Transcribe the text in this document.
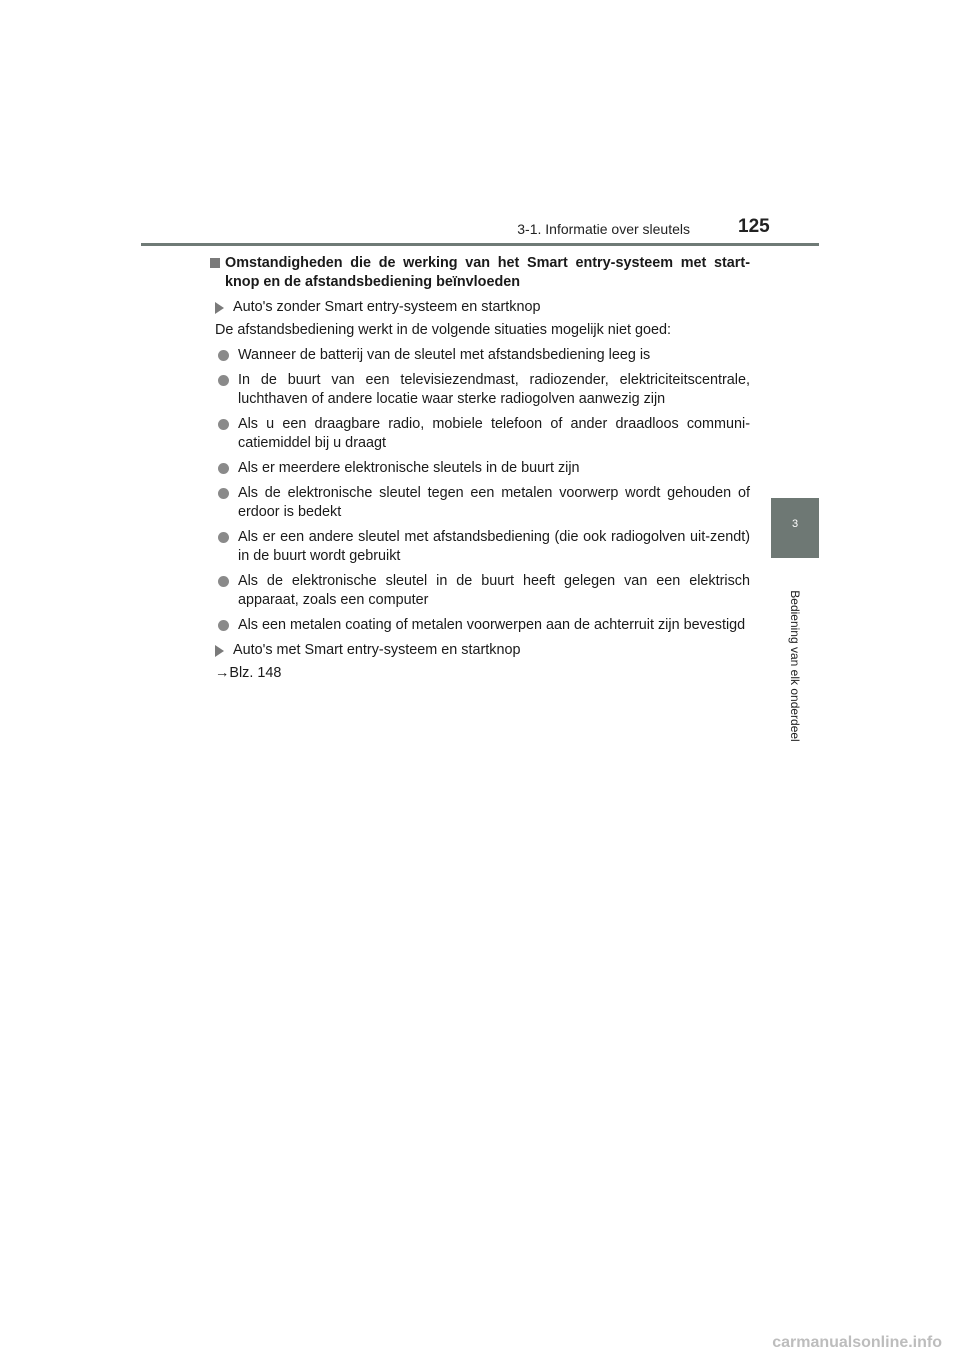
3-1. Informatie over sleutels	125
3
Bediening van elk onderdeel
Omstandigheden die de werking van het Smart entry-systeem met start-knop en de afstandsbediening beïnvloeden
Auto's zonder Smart entry-systeem en startknop
De afstandsbediening werkt in de volgende situaties mogelijk niet goed:
Wanneer de batterij van de sleutel met afstandsbediening leeg is
In de buurt van een televisiezendmast, radiozender, elektriciteitscentrale, luchthaven of andere locatie waar sterke radiogolven aanwezig zijn
Als u een draagbare radio, mobiele telefoon of ander draadloos communi-catiemiddel bij u draagt
Als er meerdere elektronische sleutels in de buurt zijn
Als de elektronische sleutel tegen een metalen voorwerp wordt gehouden of erdoor is bedekt
Als er een andere sleutel met afstandsbediening (die ook radiogolven uit-zendt) in de buurt wordt gebruikt
Als de elektronische sleutel in de buurt heeft gelegen van een elektrisch apparaat, zoals een computer
Als een metalen coating of metalen voorwerpen aan de achterruit zijn bevestigd
Auto's met Smart entry-systeem en startknop
→Blz. 148
carmanualsonline.info
